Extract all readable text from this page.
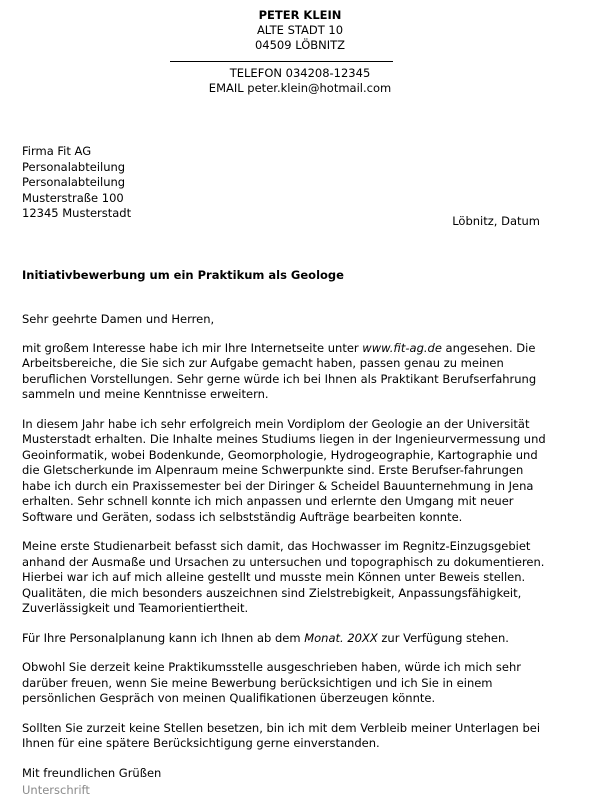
PETER KLEIN
ALTE STADT 10
04509 LÖBNITZ
TELEFON 034208-12345
EMAIL peter.klein@hotmail.com
Firma Fit AG
Personalabteilung
Personalabteilung
Musterstraße 100
12345 Musterstadt
Löbnitz, Datum
Initiativbewerbung um ein Praktikum als Geologe

Sehr geehrte Damen und Herren,

mit großem Interesse habe ich mir Ihre Internetseite unter www.fit-ag.de angesehen. Die Arbeitsbereiche, die Sie sich zur Aufgabe gemacht haben, passen genau zu meinen beruflichen Vorstellungen. Sehr gerne würde ich bei Ihnen als Praktikant Berufserfahrung sammeln und meine Kenntnisse erweitern.

In diesem Jahr habe ich sehr erfolgreich mein Vordiplom der Geologie an der Universität Musterstadt erhalten. Die Inhalte meines Studiums liegen in der Ingenieurvermessung und Geoinformatik, wobei Bodenkunde, Geomorphologie, Hydrogeographie, Kartographie und die Gletscherkunde im Alpenraum meine Schwerpunkte sind. Erste Berufser-fahrungen habe ich durch ein Praxissemester bei der Diringer & Scheidel Bauunternehmung in Jena erhalten. Sehr schnell konnte ich mich anpassen und erlernte den Umgang mit neuer Software und Geräten, sodass ich selbstständig Aufträge bearbeiten konnte.

Meine erste Studienarbeit befasst sich damit, das Hochwasser im Regnitz-Einzugsgebiet anhand der Ausmaße und Ursachen zu untersuchen und topographisch zu dokumentieren. Hierbei war ich auf mich alleine gestellt und musste mein Können unter Beweis stellen. Qualitäten, die mich besonders auszeichnen sind Zielstrebigkeit, Anpassungsfähigkeit, Zuverlässigkeit und Teamorientiertheit.

Für Ihre Personalplanung kann ich Ihnen ab dem Monat. 20XX zur Verfügung stehen.

Obwohl Sie derzeit keine Praktikumsstelle ausgeschrieben haben, würde ich mich sehr darüber freuen, wenn Sie meine Bewerbung berücksichtigen und ich Sie in einem persönlichen Gespräch von meinen Qualifikationen überzeugen könnte.

Sollten Sie zurzeit keine Stellen besetzen, bin ich mit dem Verbleib meiner Unterlagen bei Ihnen für eine spätere Berücksichtigung gerne einverstanden.

Mit freundlichen Grüßen

Unterschrift
